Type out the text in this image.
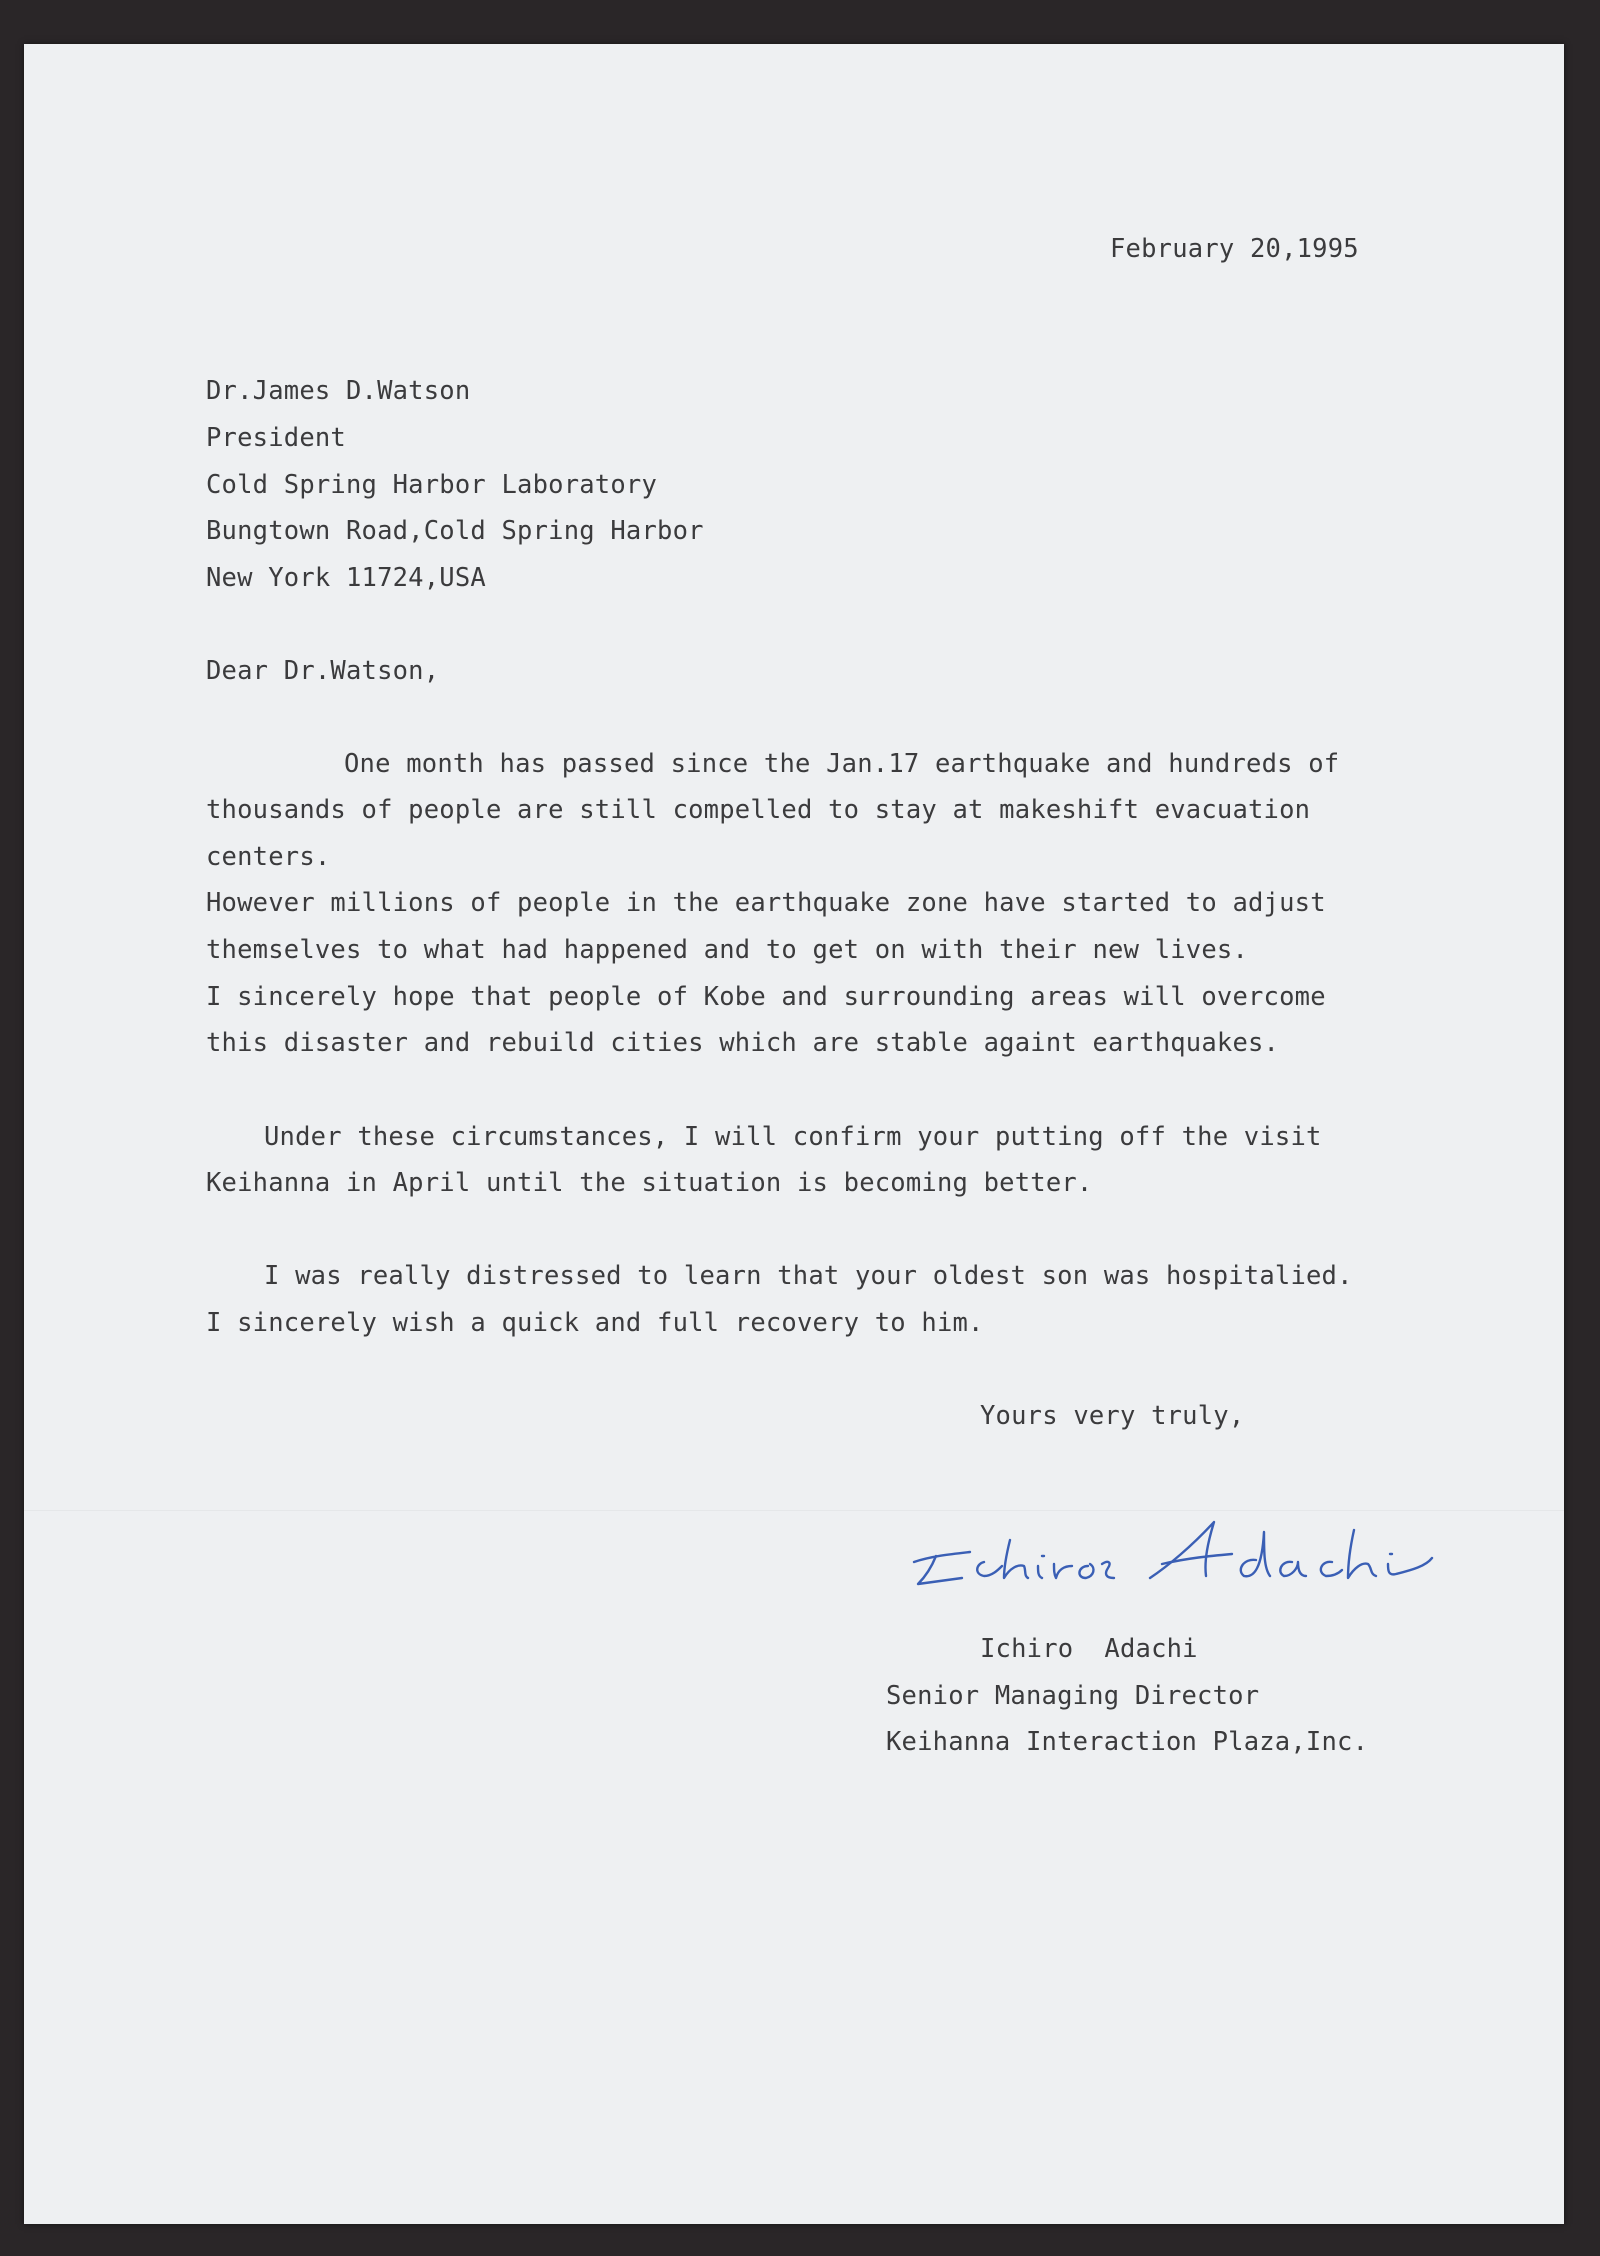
February 20,1995
Dr.James D.Watson
President
Cold Spring Harbor Laboratory
Bungtown Road,Cold Spring Harbor
New York 11724,USA
Dear Dr.Watson,
One month has passed since the Jan.17 earthquake and hundreds of
thousands of people are still compelled to stay at makeshift evacuation
centers.
However millions of people in the earthquake zone have started to adjust
themselves to what had happened and to get on with their new lives.
I sincerely hope that people of Kobe and surrounding areas will overcome
this disaster and rebuild cities which are stable againt earthquakes.
Under these circumstances, I will confirm your putting off the visit
Keihanna in April until the situation is becoming better.
I was really distressed to learn that your oldest son was hospitalied.
I sincerely wish a quick and full recovery to him.
Yours very truly,
Ichiro  Adachi
Senior Managing Director
Keihanna Interaction Plaza,Inc.
